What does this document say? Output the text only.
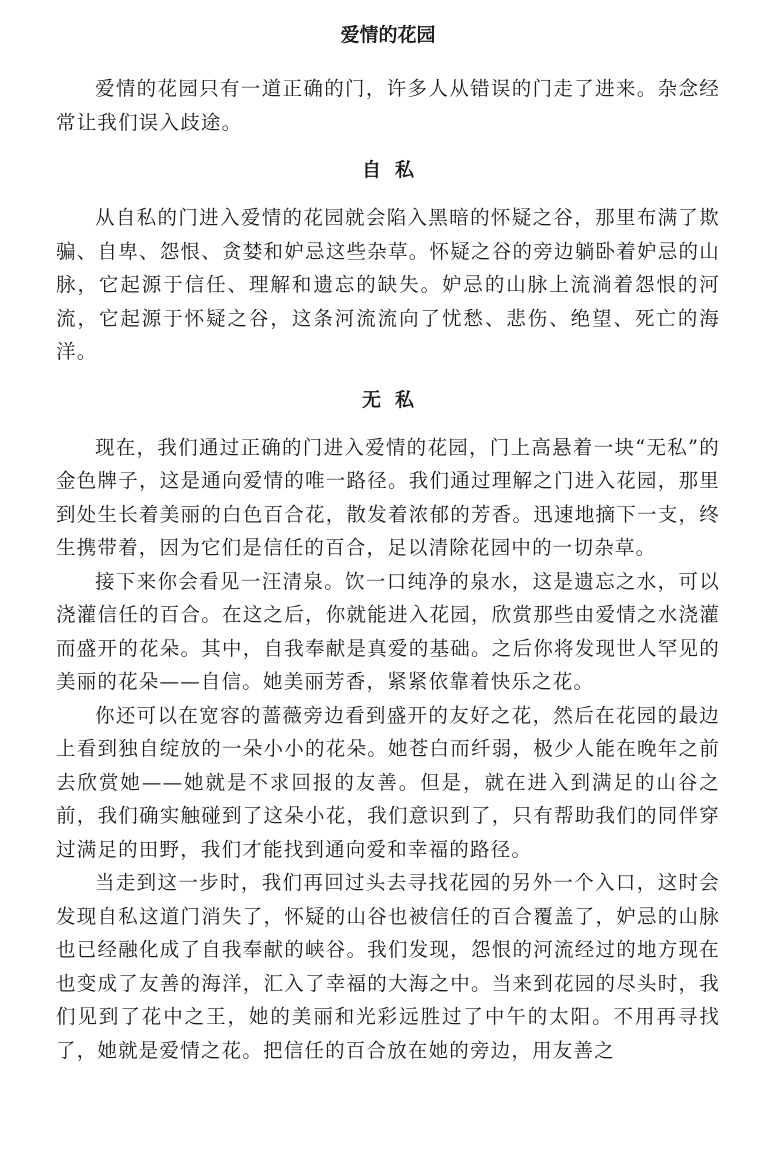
爱情的花园

爱情的花园只有一道正确的门，许多人从错误的门走了进来。杂念经常让我们误入歧途。

自私

从自私的门进入爱情的花园就会陷入黑暗的怀疑之谷，那里布满了欺骗、自卑、怨恨、贪婪和妒忌这些杂草。怀疑之谷的旁边躺卧着妒忌的山脉，它起源于信任、理解和遗忘的缺失。妒忌的山脉上流淌着怨恨的河流，它起源于怀疑之谷，这条河流流向了忧愁、悲伤、绝望、死亡的海洋。

无私

现在，我们通过正确的门进入爱情的花园，门上高悬着一块“无私”的金色牌子，这是通向爱情的唯一路径。我们通过理解之门进入花园，那里到处生长着美丽的白色百合花，散发着浓郁的芳香。迅速地摘下一支，终生携带着，因为它们是信任的百合，足以清除花园中的一切杂草。

接下来你会看见一汪清泉。饮一口纯净的泉水，这是遗忘之水，可以浇灌信任的百合。在这之后，你就能进入花园，欣赏那些由爱情之水浇灌而盛开的花朵。其中，自我奉献是真爱的基础。之后你将发现世人罕见的美丽的花朵——自信。她美丽芳香，紧紧依靠着快乐之花。

你还可以在宽容的蔷薇旁边看到盛开的友好之花，然后在花园的最边上看到独自绽放的一朵小小的花朵。她苍白而纤弱，极少人能在晚年之前去欣赏她——她就是不求回报的友善。但是，就在进入到满足的山谷之前，我们确实触碰到了这朵小花，我们意识到了，只有帮助我们的同伴穿过满足的田野，我们才能找到通向爱和幸福的路径。

当走到这一步时，我们再回过头去寻找花园的另外一个入口，这时会发现自私这道门消失了，怀疑的山谷也被信任的百合覆盖了，妒忌的山脉也已经融化成了自我奉献的峡谷。我们发现，怨恨的河流经过的地方现在也变成了友善的海洋，汇入了幸福的大海之中。当来到花园的尽头时，我们见到了花中之王，她的美丽和光彩远胜过了中午的太阳。不用再寻找了，她就是爱情之花。把信任的百合放在她的旁边，用友善之
